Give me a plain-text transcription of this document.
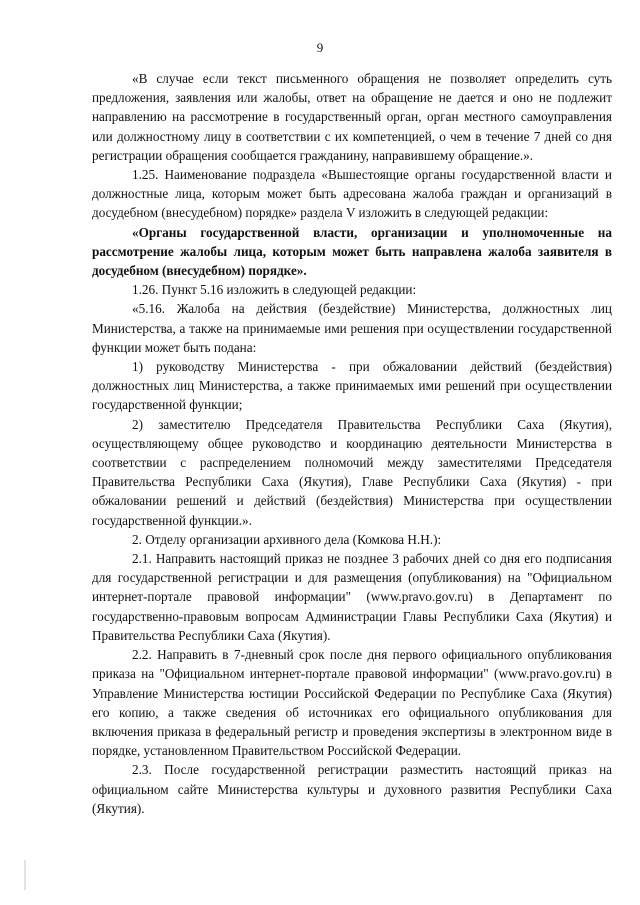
9

«В случае если текст письменного обращения не позволяет определить суть предложения, заявления или жалобы, ответ на обращение не дается и оно не подлежит направлению на рассмотрение в государственный орган, орган местного самоуправления или должностному лицу в соответствии с их компетенцией, о чем в течение 7 дней со дня регистрации обращения сообщается гражданину, направившему обращение.».

1.25. Наименование подраздела «Вышестоящие органы государственной власти и должностные лица, которым может быть адресована жалоба граждан и организаций в досудебном (внесудебном) порядке» раздела V изложить в следующей редакции:

«Органы государственной власти, организации и уполномоченные на рассмотрение жалобы лица, которым может быть направлена жалоба заявителя в досудебном (внесудебном) порядке».

1.26. Пункт 5.16 изложить в следующей редакции:

«5.16. Жалоба на действия (бездействие) Министерства, должностных лиц Министерства, а также на принимаемые ими решения при осуществлении государственной функции может быть подана:

1) руководству Министерства - при обжаловании действий (бездействия) должностных лиц Министерства, а также принимаемых ими решений при осуществлении государственной функции;

2) заместителю Председателя Правительства Республики Саха (Якутия), осуществляющему общее руководство и координацию деятельности Министерства в соответствии с распределением полномочий между заместителями Председателя Правительства Республики Саха (Якутия), Главе Республики Саха (Якутия) - при обжаловании решений и действий (бездействия) Министерства при осуществлении государственной функции.».

2. Отделу организации архивного дела (Комкова Н.Н.):

2.1. Направить настоящий приказ не позднее 3 рабочих дней со дня его подписания для государственной регистрации и для размещения (опубликования) на "Официальном интернет-портале правовой информации" (www.pravo.gov.ru) в Департамент по государственно-правовым вопросам Администрации Главы Республики Саха (Якутия) и Правительства Республики Саха (Якутия).

2.2. Направить в 7-дневный срок после дня первого официального опубликования приказа на "Официальном интернет-портале правовой информации" (www.pravo.gov.ru) в Управление Министерства юстиции Российской Федерации по Республике Саха (Якутия) его копию, а также сведения об источниках его официального опубликования для включения приказа в федеральный регистр и проведения экспертизы в электронном виде в порядке, установленном Правительством Российской Федерации.

2.3. После государственной регистрации разместить настоящий приказ на официальном сайте Министерства культуры и духовного развития Республики Саха (Якутия).
